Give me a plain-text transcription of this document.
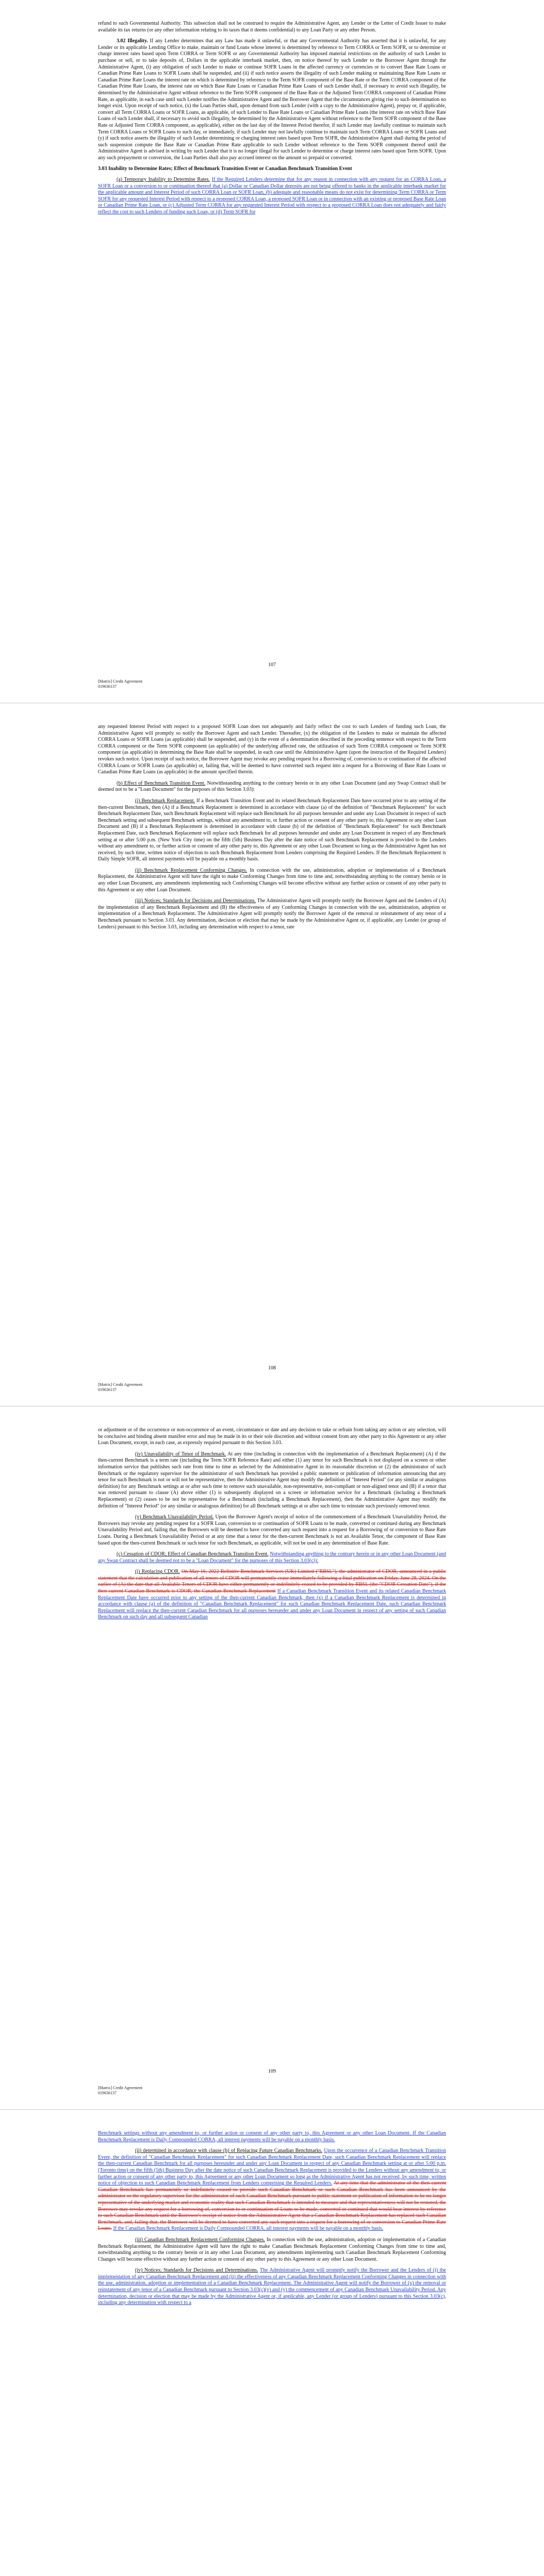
refund to such Governmental Authority. This subsection shall not be construed to require the Administrative Agent, any Lender or the Letter of Credit Issuer to make available its tax returns (or any other information relating to its taxes that it deems confidential) to any Loan Party or any other Person.

3.02 Illegality. If any Lender determines that any Law has made it unlawful, or that any Governmental Authority has asserted that it is unlawful, for any Lender or its applicable Lending Office to make, maintain or fund Loans whose interest is determined by reference to Term CORRA or Term SOFR, or to determine or charge interest rates based upon Term CORRA or Term SOFR or any Governmental Authority has imposed material restrictions on the authority of such Lender to purchase or sell, or to take deposits of, Dollars in the applicable interbank market, then, on notice thereof by such Lender to the Borrower Agent through the Administrative Agent, (i) any obligation of such Lender to make or continue SOFR Loans in the affected currency or currencies or to convert Base Rate Loans or Canadian Prime Rate Loans to SOFR Loans shall be suspended, and (ii) if such notice asserts the illegality of such Lender making or maintaining Base Rate Loans or Canadian Prime Rate Loans the interest rate on which is determined by reference to the Term SOFR component of the Base Rate or the Term CORRA component of the Canadian Prime Rate Loans, the interest rate on which Base Rate Loans or Canadian Prime Rate Loans of such Lender shall, if necessary to avoid such illegality, be determined by the Administrative Agent without reference to the Term SOFR component of the Base Rate or the Adjusted Term CORRA component of Canadian Prime Rate, as applicable, in each case until such Lender notifies the Administrative Agent and the Borrower Agent that the circumstances giving rise to such determination no longer exist. Upon receipt of such notice, (x) the Loan Parties shall, upon demand from such Lender (with a copy to the Administrative Agent), prepay or, if applicable, convert all Term CORRA Loans or SOFR Loans, as applicable, of such Lender to Base Rate Loans or Canadian Prime Rate Loans (the interest rate on which Base Rate Loans of such Lender shall, if necessary to avoid such illegality, be determined by the Administrative Agent without reference to the Term SOFR component of the Base Rate or Adjusted Term CORRA component, as applicable), either on the last day of the Interest Period therefor, if such Lender may lawfully continue to maintain such Term CORRA Loans or SOFR Loans to such day, or immediately, if such Lender may not lawfully continue to maintain such Term CORRA Loans or SOFR Loans and (y) if such notice asserts the illegality of such Lender determining or charging interest rates based upon Term SOFR, the Administrative Agent shall during the period of such suspension compute the Base Rate or Canadian Prime Rate applicable to such Lender without reference to the Term SOFR component thereof until the Administrative Agent is advised in writing by such Lender that it is no longer illegal for such Lender to determine or charge interest rates based upon Term SOFR. Upon any such prepayment or conversion, the Loan Parties shall also pay accrued interest on the amount so prepaid or converted.

3.03 Inability to Determine Rates; Effect of Benchmark Transition Event or Canadian Benchmark Transition Event

(a) Temporary Inability to Determine Rates. If the Required Lenders determine that for any reason in connection with any request for an CORRA Loan, a SOFR Loan or a conversion to or continuation thereof that (a) Dollar or Canadian Dollar deposits are not being offered to banks in the applicable interbank market for the applicable amount and Interest Period of such CORRA Loan or SOFR Loan, (b) adequate and reasonable means do not exist for determining Term CORRA or Term SOFR for any requested Interest Period with respect to a proposed CORRA Loan, a proposed SOFR Loan or in connection with an existing or proposed Base Rate Loan or Canadian Prime Rate Loan, or (c) Adjusted Term CORRA for any requested Interest Period with respect to a proposed CORRA Loan does not adequately and fairly reflect the cost to such Lenders of funding such Loan, or (d) Term SOFR for

107
[Matrix] Credit Agreement
019636137

any requested Interest Period with respect to a proposed SOFR Loan does not adequately and fairly reflect the cost to such Lenders of funding such Loan, the Administrative Agent will promptly so notify the Borrower Agent and each Lender. Thereafter, (x) the obligation of the Lenders to make or maintain the affected CORRA Loans or SOFR Loans (as applicable) shall be suspended, and (y) in the event of a determination described in the preceding sentence with respect to the Term CORRA component or the Term SOFR component (as applicable) of the underlying affected rate, the utilization of such Term CORRA component or Term SOFR component (as applicable) in determining the Base Rate shall be suspended, in each case until the Administrative Agent (upon the instruction of the Required Lenders) revokes such notice. Upon receipt of such notice, the Borrower Agent may revoke any pending request for a Borrowing of, conversion to or continuation of the affected CORRA Loans or SOFR Loans (as applicable) or, failing that, will be deemed to have converted such request into a request for a Borrowing of Base Rate Loans or Canadian Prime Rate Loans (as applicable) in the amount specified therein.

(b) Effect of Benchmark Transition Event. Notwithstanding anything to the contrary herein or in any other Loan Document (and any Swap Contract shall be deemed not to be a "Loan Document" for the purposes of this Section 3.03):

(i) Benchmark Replacement. If a Benchmark Transition Event and its related Benchmark Replacement Date have occurred prior to any setting of the then-current Benchmark, then (A) if a Benchmark Replacement is determined in accordance with clause (a) of the definition of "Benchmark Replacement" for such Benchmark Replacement Date, such Benchmark Replacement will replace such Benchmark for all purposes hereunder and under any Loan Document in respect of such Benchmark setting and subsequent Benchmark settings, without any amendment to, or further action or consent of any other party to, this Agreement or any other Loan Document and (B) if a Benchmark Replacement is determined in accordance with clause (b) of the definition of "Benchmark Replacement" for such Benchmark Replacement Date, such Benchmark Replacement will replace such Benchmark for all purposes hereunder and under any Loan Document in respect of any Benchmark setting at or after 5:00 p.m. (New York City time) on the fifth (5th) Business Day after the date notice of such Benchmark Replacement is provided to the Lenders without any amendment to, or further action or consent of any other party to, this Agreement or any other Loan Document so long as the Administrative Agent has not received, by such time, written notice of objection to such Benchmark Replacement from Lenders comprising the Required Lenders. If the Benchmark Replacement is Daily Simple SOFR, all interest payments will be payable on a monthly basis.

(ii) Benchmark Replacement Conforming Changes. In connection with the use, administration, adoption or implementation of a Benchmark Replacement, the Administrative Agent will have the right to make Conforming Changes from time to time and, notwithstanding anything to the contrary herein or in any other Loan Document, any amendments implementing such Conforming Changes will become effective without any further action or consent of any other party to this Agreement or any other Loan Document.

(iii) Notices; Standards for Decisions and Determinations. The Administrative Agent will promptly notify the Borrower Agent and the Lenders of (A) the implementation of any Benchmark Replacement and (B) the effectiveness of any Conforming Changes in connection with the use, administration, adoption or implementation of a Benchmark Replacement. The Administrative Agent will promptly notify the Borrower Agent of the removal or reinstatement of any tenor of a Benchmark pursuant to Section 3.03. Any determination, decision or election that may be made by the Administrative Agent or, if applicable, any Lender (or group of Lenders) pursuant to this Section 3.03, including any determination with respect to a tenor, rate

108
[Matrix] Credit Agreement
019636137

or adjustment or of the occurrence or non-occurrence of an event, circumstance or date and any decision to take or refrain from taking any action or any selection, will be conclusive and binding absent manifest error and may be made in its or their sole discretion and without consent from any other party to this Agreement or any other Loan Document, except, in each case, as expressly required pursuant to this Section 3.03.

(iv) Unavailability of Tenor of Benchmark. At any time (including in connection with the implementation of a Benchmark Replacement) (A) if the then-current Benchmark is a term rate (including the Term SOFR Reference Rate) and either (1) any tenor for such Benchmark is not displayed on a screen or other information service that publishes such rate from time to time as selected by the Administrative Agent in its reasonable discretion or (2) the administrator of such Benchmark or the regulatory supervisor for the administrator of such Benchmark has provided a public statement or publication of information announcing that any tenor for such Benchmark is not or will not be representative, then the Administrative Agent may modify the definition of "Interest Period" (or any similar or analogous definition) for any Benchmark settings at or after such time to remove such unavailable, non-representative, non-compliant or non-aligned tenor and (B) if a tenor that was removed pursuant to clause (A) above either (1) is subsequently displayed on a screen or information service for a Benchmark (including a Benchmark Replacement) or (2) ceases to be not be representative for a Benchmark (including a Benchmark Replacement), then the Administrative Agent may modify the definition of "Interest Period" (or any similar or analogous definition) for all Benchmark settings at or after such time to reinstate such previously removed tenor.

(v) Benchmark Unavailability Period. Upon the Borrower Agent's receipt of notice of the commencement of a Benchmark Unavailability Period, the Borrowers may revoke any pending request for a SOFR Loan, conversion to or continuation of SOFR Loans to be made, converted or continued during any Benchmark Unavailability Period and, failing that, the Borrowers will be deemed to have converted any such request into a request for a Borrowing of or conversion to Base Rate Loans. During a Benchmark Unavailability Period or at any time that a tenor for the then-current Benchmark is not an Available Tenor, the component of Base Rate based upon the then-current Benchmark or such tenor for such Benchmark, as applicable, will not be used in any determination of Base Rate.

(c) Cessation of CDOR; Effect of Canadian Benchmark Transition Event. Notwithstanding anything to the contrary herein or in any other Loan Document (and any Swap Contract shall be deemed not to be a "Loan Document" for the purposes of this Section 3.03(c)):

(i) Replacing CDOR. On May 16, 2022 Refinitiv Benchmark Services (UK) Limited ("RBSL"), the administrator of CDOR, announced in a public statement that the calculation and publication of all tenors of CDOR will permanently cease immediately following a final publication on Friday, June 28, 2024. On the earlier of (A) the date that all Available Tenors of CDOR have either permanently or indefinitely ceased to be provided by RBSL (the "CDOR Cessation Date"), if the then-current Canadian Benchmark is CDOR, the Canadian Benchmark Replacement If a Canadian Benchmark Transition Event and its related Canadian Benchmark Replacement Date have occurred prior to any setting of the then-current Canadian Benchmark, then (x) if a Canadian Benchmark Replacement is determined in accordance with clause (a) of the definition of "Canadian Benchmark Replacement" for such Canadian Benchmark Replacement Date, such Canadian Benchmark Replacement will replace the then-current Canadian Benchmark for all purposes hereunder and under any Loan Document in respect of any setting of such Canadian Benchmark on such day and all subsequent Canadian

109
[Matrix] Credit Agreement
019636137

Benchmark settings without any amendment to, or further action or consent of any other party to, this Agreement or any other Loan Document. If the Canadian Benchmark Replacement is Daily Compounded CORRA, all interest payments will be payable on a monthly basis.

(ii) determined in accordance with clause (b) of Replacing Future Canadian Benchmarks. Upon the occurrence of a Canadian Benchmark Transition Event, the definition of "Canadian Benchmark Replacement" for such Canadian Benchmark Replacement Date, such Canadian Benchmark Replacement will replace the then-current Canadian Benchmark for all purposes hereunder and under any Loan Document in respect of any Canadian Benchmark setting at or after 5:00 p.m. (Toronto time) on the fifth (5th) Business Day after the date notice of such Canadian Benchmark Replacement is provided to the Lenders without any amendment to, or further action or consent of any other party to, this Agreement or any other Loan Document so long as the Administrative Agent has not received, by such time, written notice of objection to such Canadian Benchmark Replacement from Lenders comprising the Required Lenders. At any time that the administrator of the then-current Canadian Benchmark has permanently or indefinitely ceased to provide such Canadian Benchmark or such Canadian Benchmark has been announced by the administrator or the regulatory supervisor for the administrator of such Canadian Benchmark pursuant to public statement or publication of information to be no longer representative of the underlying market and economic reality that such Canadian Benchmark is intended to measure and that representativeness will not be restored, the Borrower may revoke any request for a borrowing of, conversion to or continuation of Loans to be made, converted or continued that would bear interest by reference to such Canadian Benchmark until the Borrower's receipt of notice from the Administrative Agent that a Canadian Benchmark Replacement has replaced such Canadian Benchmark, and, failing that, the Borrower will be deemed to have converted any such request into a request for a borrowing of or conversion to Canadian Prime Rate Loans. If the Canadian Benchmark Replacement is Daily Compounded CORRA, all interest payments will be payable on a monthly basis.

(iii) Canadian Benchmark Replacement Conforming Changes. In connection with the use, administration, adoption or implementation of a Canadian Benchmark Replacement, the Administrative Agent will have the right to make Canadian Benchmark Replacement Conforming Changes from time to time and, notwithstanding anything to the contrary herein or in any other Loan Document, any amendments implementing such Canadian Benchmark Replacement Conforming Changes will become effective without any further action or consent of any other party to this Agreement or any other Loan Document.

(iv) Notices; Standards for Decisions and Determinations. The Administrative Agent will promptly notify the Borrower and the Lenders of (i) the implementation of any Canadian Benchmark Replacement and (ii) the effectiveness of any Canadian Benchmark Replacement Conforming Changes in connection with the use, administration, adoption or implementation of a Canadian Benchmark Replacement. The Administrative Agent will notify the Borrower of (x) the removal or reinstatement of any tenor of a Canadian Benchmark pursuant to Section 3.03(c)(v) and (y) the commencement of any Canadian Benchmark Unavailability Period. Any determination, decision or election that may be made by the Administrative Agent or, if applicable, any Lender (or group of Lenders) pursuant to this Section 3.03(c), including any determination with respect to a
